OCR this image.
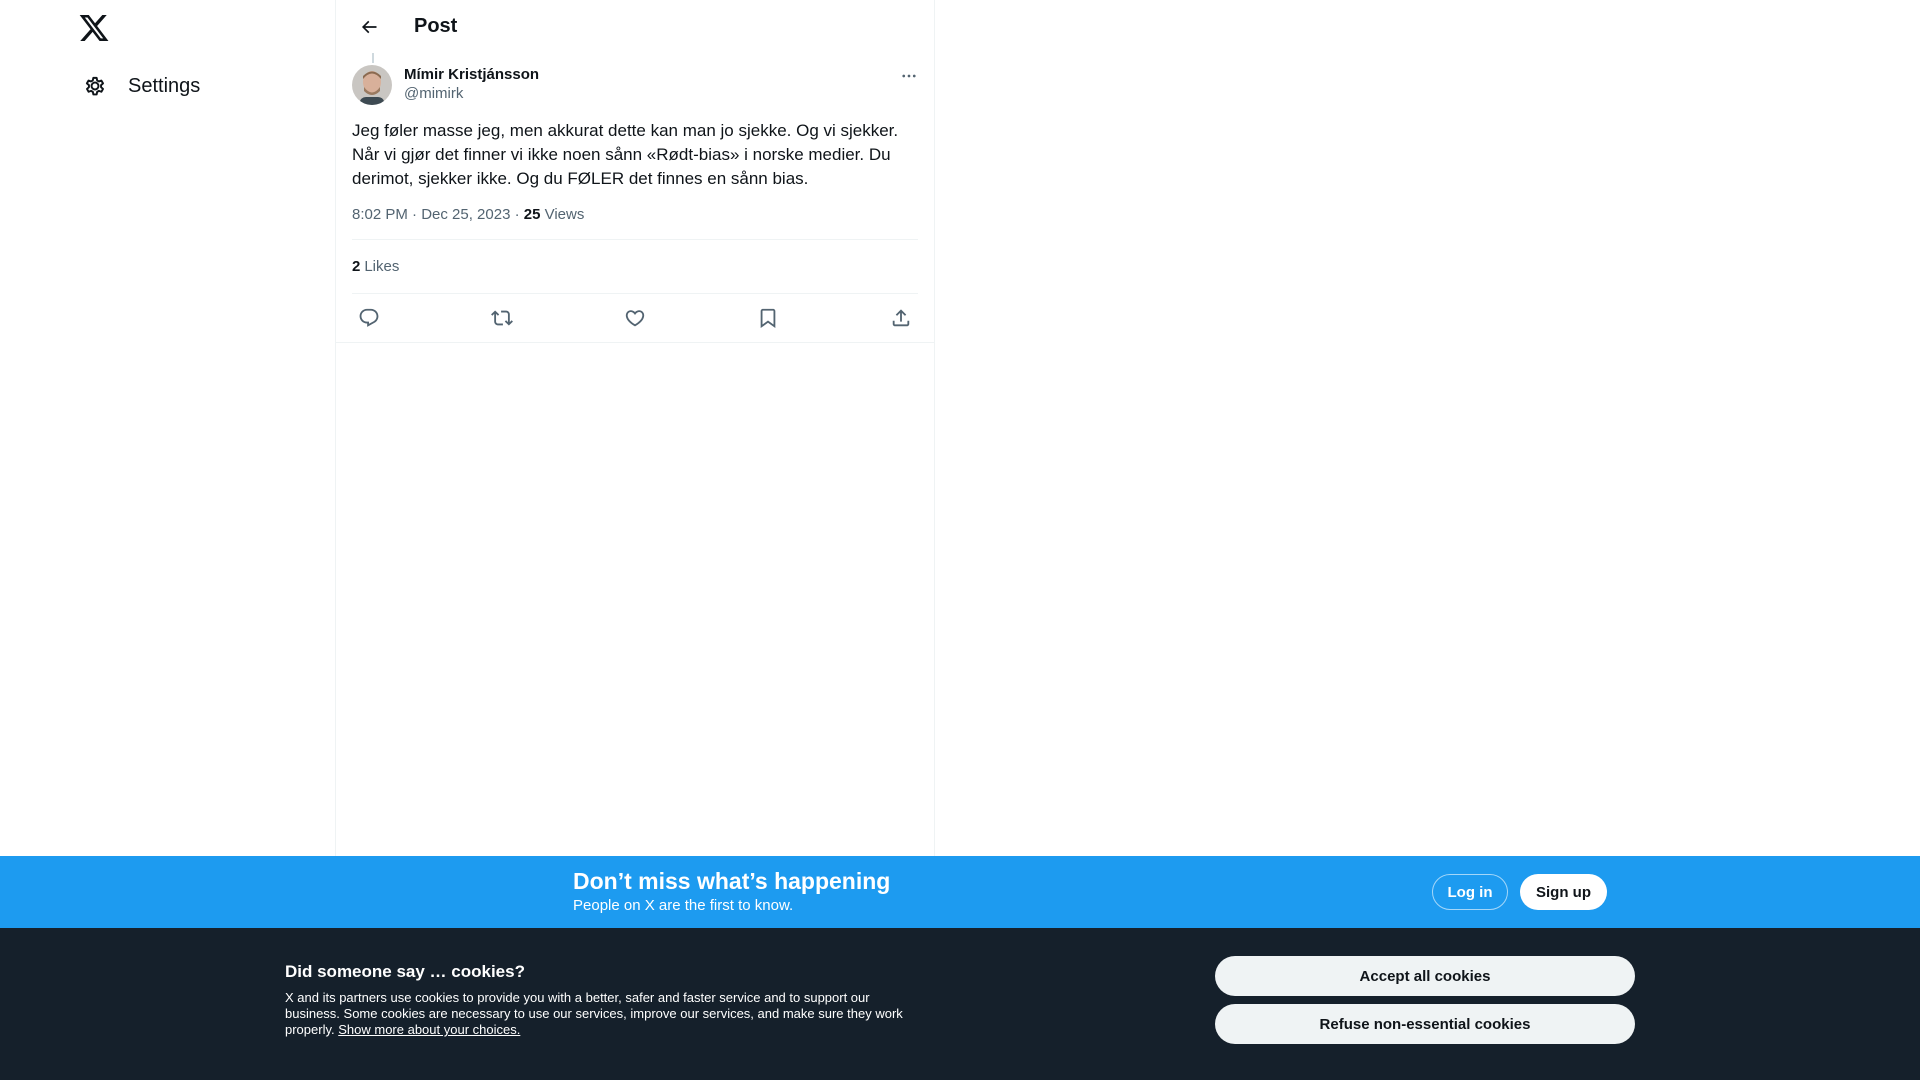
Settings
Post
Mímir Kristjánsson
@mimirk
Jeg føler masse jeg, men akkurat dette kan man jo sjekke. Og vi sjekker. Når vi gjør det finner vi ikke noen sånn «Rødt-bias» i norske medier. Du derimot, sjekker ikke. Og du FØLER det finnes en sånn bias.
8:02 PM · Dec 25, 2023 · 25 Views
2 Likes
Don’t miss what’s happening
People on X are the first to know.
Log in	Sign up
Did someone say … cookies?
X and its partners use cookies to provide you with a better, safer and faster service and to support our business. Some cookies are necessary to use our services, improve our services, and make sure they work properly. Show more about your choices.
Accept all cookies
Refuse non-essential cookies
